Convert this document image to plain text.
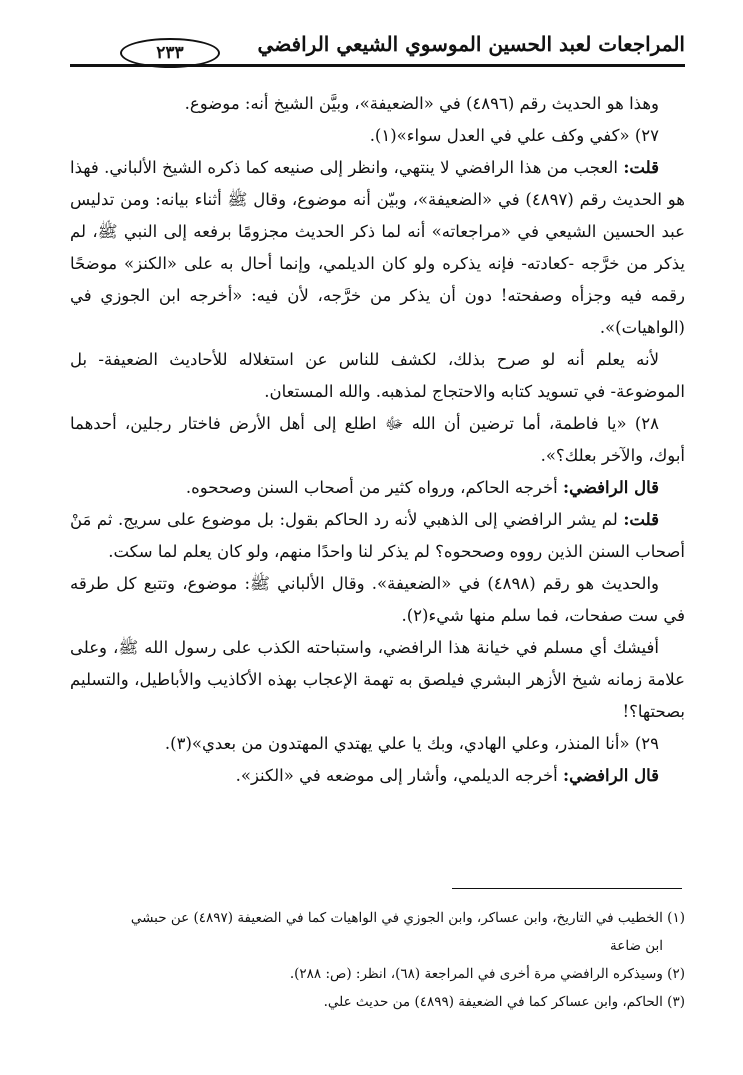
المراجعات لعبد الحسين الموسوي الشيعي الرافضي
٢٣٣

وهذا هو الحديث رقم (٤٨٩٦) في «الضعيفة»، وبيَّن الشيخ أنه: موضوع.

٢٧) «كفي وكف علي في العدل سواء»(١).

قلت: العجب من هذا الرافضي لا ينتهي، وانظر إلى صنيعه كما ذكره الشيخ الألباني. فهذا هو الحديث رقم (٤٨٩٧) في «الضعيفة»، وبيّن أنه موضوع، وقال ﷺ أثناء بيانه: ومن تدليس عبد الحسين الشيعي في «مراجعاته» أنه لما ذكر الحديث مجزومًا برفعه إلى النبي ﷺ، لم يذكر من خرَّجه -كعادته- فإنه يذكره ولو كان الديلمي، وإنما أحال به على «الكنز» موضحًا رقمه فيه وجزأه وصفحته! دون أن يذكر من خرَّجه، لأن فيه: «أخرجه ابن الجوزي في (الواهيات)».

لأنه يعلم أنه لو صرح بذلك، لكشف للناس عن استغلاله للأحاديث الضعيفة- بل الموضوعة- في تسويد كتابه والاحتجاج لمذهبه. والله المستعان.

٢٨) «يا فاطمة، أما ترضين أن الله ﷻ اطلع إلى أهل الأرض فاختار رجلين، أحدهما أبوك، والآخر بعلك؟».

قال الرافضي: أخرجه الحاكم، ورواه كثير من أصحاب السنن وصححوه.

قلت: لم يشر الرافضي إلى الذهبي لأنه رد الحاكم بقول: بل موضوع على سريج. ثم مَنْ أصحاب السنن الذين رووه وصححوه؟ لم يذكر لنا واحدًا منهم، ولو كان يعلم لما سكت.

والحديث هو رقم (٤٨٩٨) في «الضعيفة». وقال الألباني ﷺ: موضوع، وتتبع كل طرقه في ست صفحات، فما سلم منها شيء(٢).

أفيشك أي مسلم في خيانة هذا الرافضي، واستباحته الكذب على رسول الله ﷺ، وعلى علامة زمانه شيخ الأزهر البشري فيلصق به تهمة الإعجاب بهذه الأكاذيب والأباطيل، والتسليم بصحتها؟!

٢٩) «أنا المنذر، وعلي الهادي، وبك يا علي يهتدي المهتدون من بعدي»(٣).

قال الرافضي: أخرجه الديلمي، وأشار إلى موضعه في «الكنز».

(١) الخطيب في التاريخ، وابن عساكر، وابن الجوزي في الواهيات كما في الضعيفة (٤٨٩٧) عن حبشي

ابن ضاعة

(٢) وسيذكره الرافضي مرة أخرى في المراجعة (٦٨)، انظر: (ص: ٢٨٨).

(٣) الحاكم، وابن عساكر كما في الضعيفة (٤٨٩٩) من حديث علي.
